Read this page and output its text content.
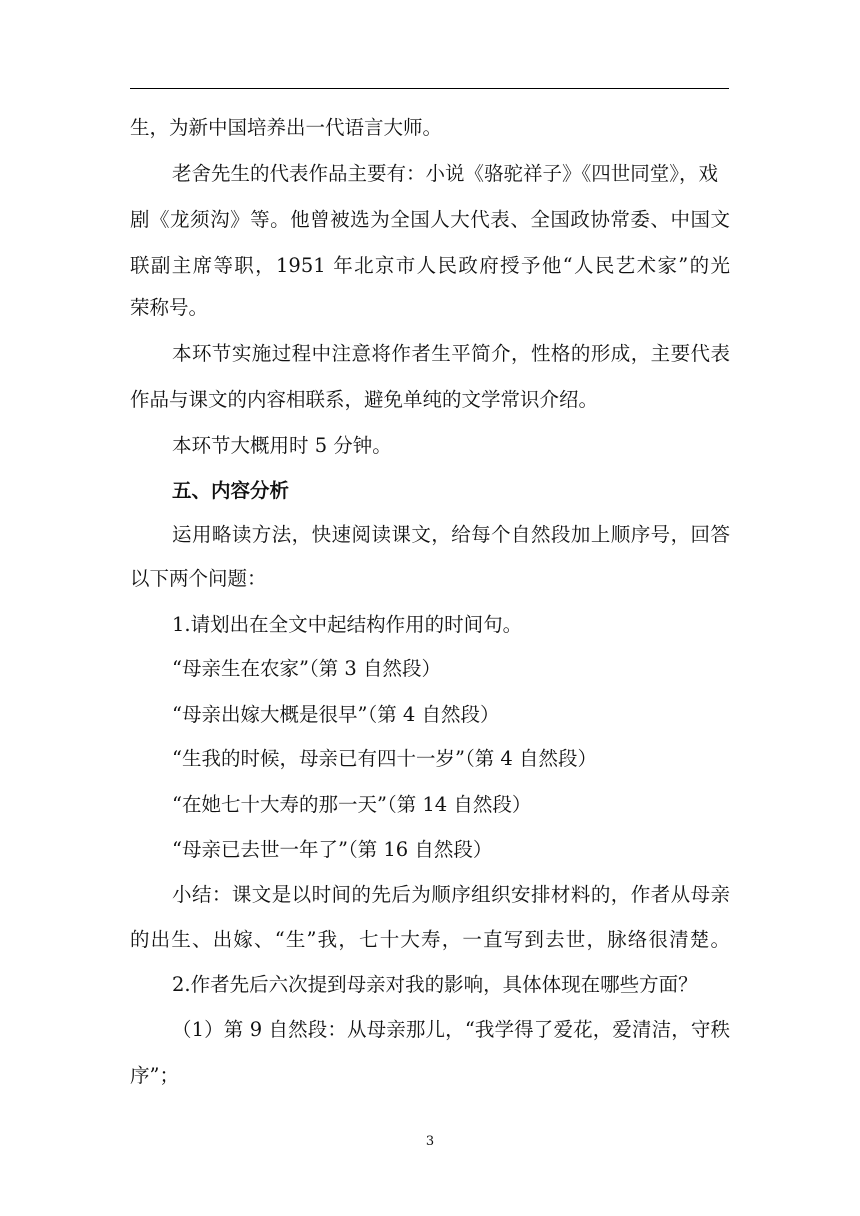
生，为新中国培养出一代语言大师。
老舍先生的代表作品主要有：小说《骆驼祥子》《四世同堂》，戏
剧《龙须沟》等。他曾被选为全国人大代表、全国政协常委、中国文
联副主席等职，1951 年北京市人民政府授予他“人民艺术家”的光
荣称号。
本环节实施过程中注意将作者生平简介，性格的形成，主要代表
作品与课文的内容相联系，避免单纯的文学常识介绍。
本环节大概用时 5 分钟。
五、内容分析
运用略读方法，快速阅读课文，给每个自然段加上顺序号，回答
以下两个问题：
1.请划出在全文中起结构作用的时间句。
“母亲生在农家”（第 3 自然段）
“母亲出嫁大概是很早”（第 4 自然段）
“生我的时候，母亲已有四十一岁”（第 4 自然段）
“在她七十大寿的那一天”（第 14 自然段）
“母亲已去世一年了”（第 16 自然段）
小结：课文是以时间的先后为顺序组织安排材料的，作者从母亲
的出生、出嫁、“生”我，七十大寿，一直写到去世，脉络很清楚。
2.作者先后六次提到母亲对我的影响，具体体现在哪些方面？
（1）第 9 自然段：从母亲那儿，“我学得了爱花，爱清洁，守秩
序”；
3
